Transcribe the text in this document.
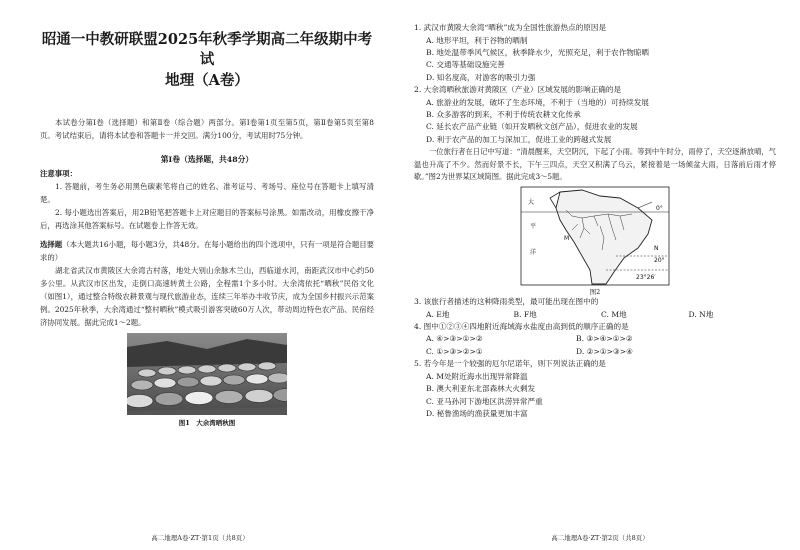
昭通一中教研联盟2025年秋季学期高二年级期中考试
地理（A卷）
本试卷分第Ⅰ卷（选择题）和第Ⅱ卷（综合题）两部分。第Ⅰ卷第1页至第5页，第Ⅱ卷第5页至第8页。考试结束后，请将本试卷和答题卡一并交回。满分100分，考试用时75分钟。
第Ⅰ卷（选择题，共48分）
注意事项：
1. 答题前，考生务必用黑色碳素笔将自己的姓名、准考证号、考场号、座位号在答题卡上填写清楚。
2. 每小题选出答案后，用2B铅笔把答题卡上对应题目的答案标号涂黑。如需改动，用橡皮擦干净后，再选涂其他答案标号。在试题卷上作答无效。
选择题（本大题共16小题，每小题3分，共48分。在每小题给出的四个选项中，只有一项是符合题目要求的）
湖北省武汉市黄陂区大余湾古村落，地处大别山余脉木兰山，西临道水河，南距武汉市中心约50多公里。从武汉市区出发，走倒口高速转黄土公路，全程需1个多小时。大余湾依托“晒秋”民俗文化（如图1），通过整合特级农耕景观与现代旅游业态，连续三年举办丰收节庆，成为全国乡村振兴示范案例。2025年秋季，大余湾通过“整村晒秋”模式吸引游客突破60万人次，带动周边特色农产品、民宿经济协同发展。据此完成1～2题。
图1　大余湾晒秋图
高二地理A卷·ZT·第1页（共8页）
1. 武汉市黄陂大余湾“晒秋”成为全国性旅游热点的原因是
A. 地形平坦，利于谷物的晒制
B. 地处温带季风气候区，秋季降水少，光照充足，利于农作物晾晒
C. 交通等基础设施完善
D. 知名度高，对游客的吸引力强
2. 大余湾晒秋旅游对黄陂区（产业）区域发展的影响正确的是
A. 旅游业的发展，破坏了生态环境，不利于（当地的）可持续发展
B. 众多游客的到来，不利于传统农耕文化传承
C. 延长农产品产业链（如开发晒秋文创产品），促进农业的发展
D. 利于农产品的加工与深加工，促进工业的跨越式发展
一位旅行者在日记中写道：“清晨醒来，天空阴沉，下起了小雨。等到中午时分，雨停了，天空逐渐放晴，气温也升高了不少。然而好景不长，下午三四点，天空又积满了乌云，紧接着是一场倾盆大雨，日落前后雨才停歇。”图2为世界某区域简图。据此完成3～5题。
大
平
洋
0°
N
M
20°
23°26′
图2
3. 该旅行者描述的这种降雨类型，最可能出现在图中的
A. E地	B. F地	C. M地	D. N地
4. 图中①②③④四地附近海域海水盐度由高到低的顺序正确的是
A. ④>③>①>②	B. ③>④>①>②
C. ①>③>②>①	D. ②>①>③>④
5. 若今年是一个较强的厄尔尼诺年，则下列说法正确的是
A. M处附近海水出现异常降温
B. 澳大利亚东北部森林大火剩发
C. 亚马孙河下游地区洪涝异常严重
D. 秘鲁渔场的渔获量更加丰富
高二地理A卷·ZT·第2页（共8页）
